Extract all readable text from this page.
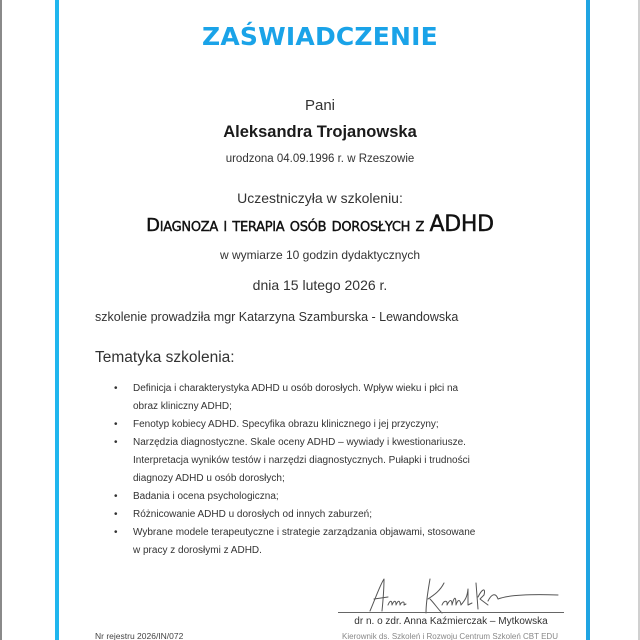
ZAŚWIADCZENIE
Pani
Aleksandra Trojanowska
urodzona 04.09.1996 r. w Rzeszowie
Uczestniczyła w szkoleniu:
Diagnoza i terapia osób dorosłych z ADHD
w wymiarze 10 godzin dydaktycznych
dnia 15 lutego 2026 r.
szkolenie prowadziła mgr Katarzyna Szamburska - Lewandowska
Tematyka szkolenia:
• Definicja i charakterystyka ADHD u osób dorosłych. Wpływ wieku i płci na obraz kliniczny ADHD;
• Fenotyp kobiecy ADHD. Specyfika obrazu klinicznego i jej przyczyny;
• Narzędzia diagnostyczne. Skale oceny ADHD – wywiady i kwestionariusze. Interpretacja wyników testów i narzędzi diagnostycznych. Pułapki i trudności diagnozy ADHD u osób dorosłych;
• Badania i ocena psychologiczna;
• Różnicowanie ADHD u dorosłych od innych zaburzeń;
• Wybrane modele terapeutyczne i strategie zarządzania objawami, stosowane w pracy z dorosłymi z ADHD.
dr n. o zdr. Anna Kaźmierczak – Mytkowska
Kierownik ds. Szkoleń i Rozwoju Centrum Szkoleń CBT EDU
Nr rejestru 2026/IN/072
